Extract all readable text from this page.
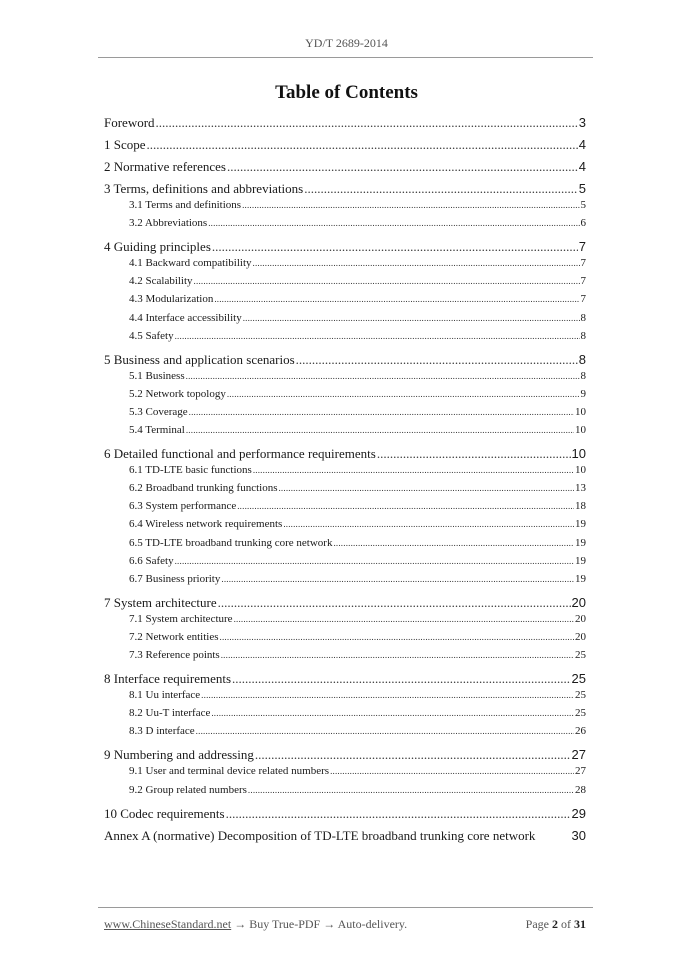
YD/T 2689-2014
Table of Contents
Foreword .....	3
1 Scope .....	4
2 Normative references .....	4
3 Terms, definitions and abbreviations .....	5
3.1 Terms and definitions .....	5
3.2 Abbreviations .....	6
4 Guiding principles .....	7
4.1 Backward compatibility .....	7
4.2 Scalability .....	7
4.3 Modularization .....	7
4.4 Interface accessibility .....	8
4.5 Safety .....	8
5 Business and application scenarios .....	8
5.1 Business .....	8
5.2 Network topology .....	9
5.3 Coverage .....	10
5.4 Terminal .....	10
6 Detailed functional and performance requirements .....	10
6.1 TD-LTE basic functions .....	10
6.2 Broadband trunking functions .....	13
6.3 System performance .....	18
6.4 Wireless network requirements .....	19
6.5 TD-LTE broadband trunking core network .....	19
6.6 Safety .....	19
6.7 Business priority .....	19
7 System architecture .....	20
7.1 System architecture .....	20
7.2 Network entities .....	20
7.3 Reference points .....	25
8 Interface requirements .....	25
8.1 Uu interface .....	25
8.2 Uu-T interface .....	25
8.3 D interface .....	26
9 Numbering and addressing .....	27
9.1 User and terminal device related numbers .....	27
9.2 Group related numbers .....	28
10 Codec requirements .....	29
Annex A (normative) Decomposition of TD-LTE broadband trunking core network	30
www.ChineseStandard.net → Buy True-PDF → Auto-delivery.	Page 2 of 31
